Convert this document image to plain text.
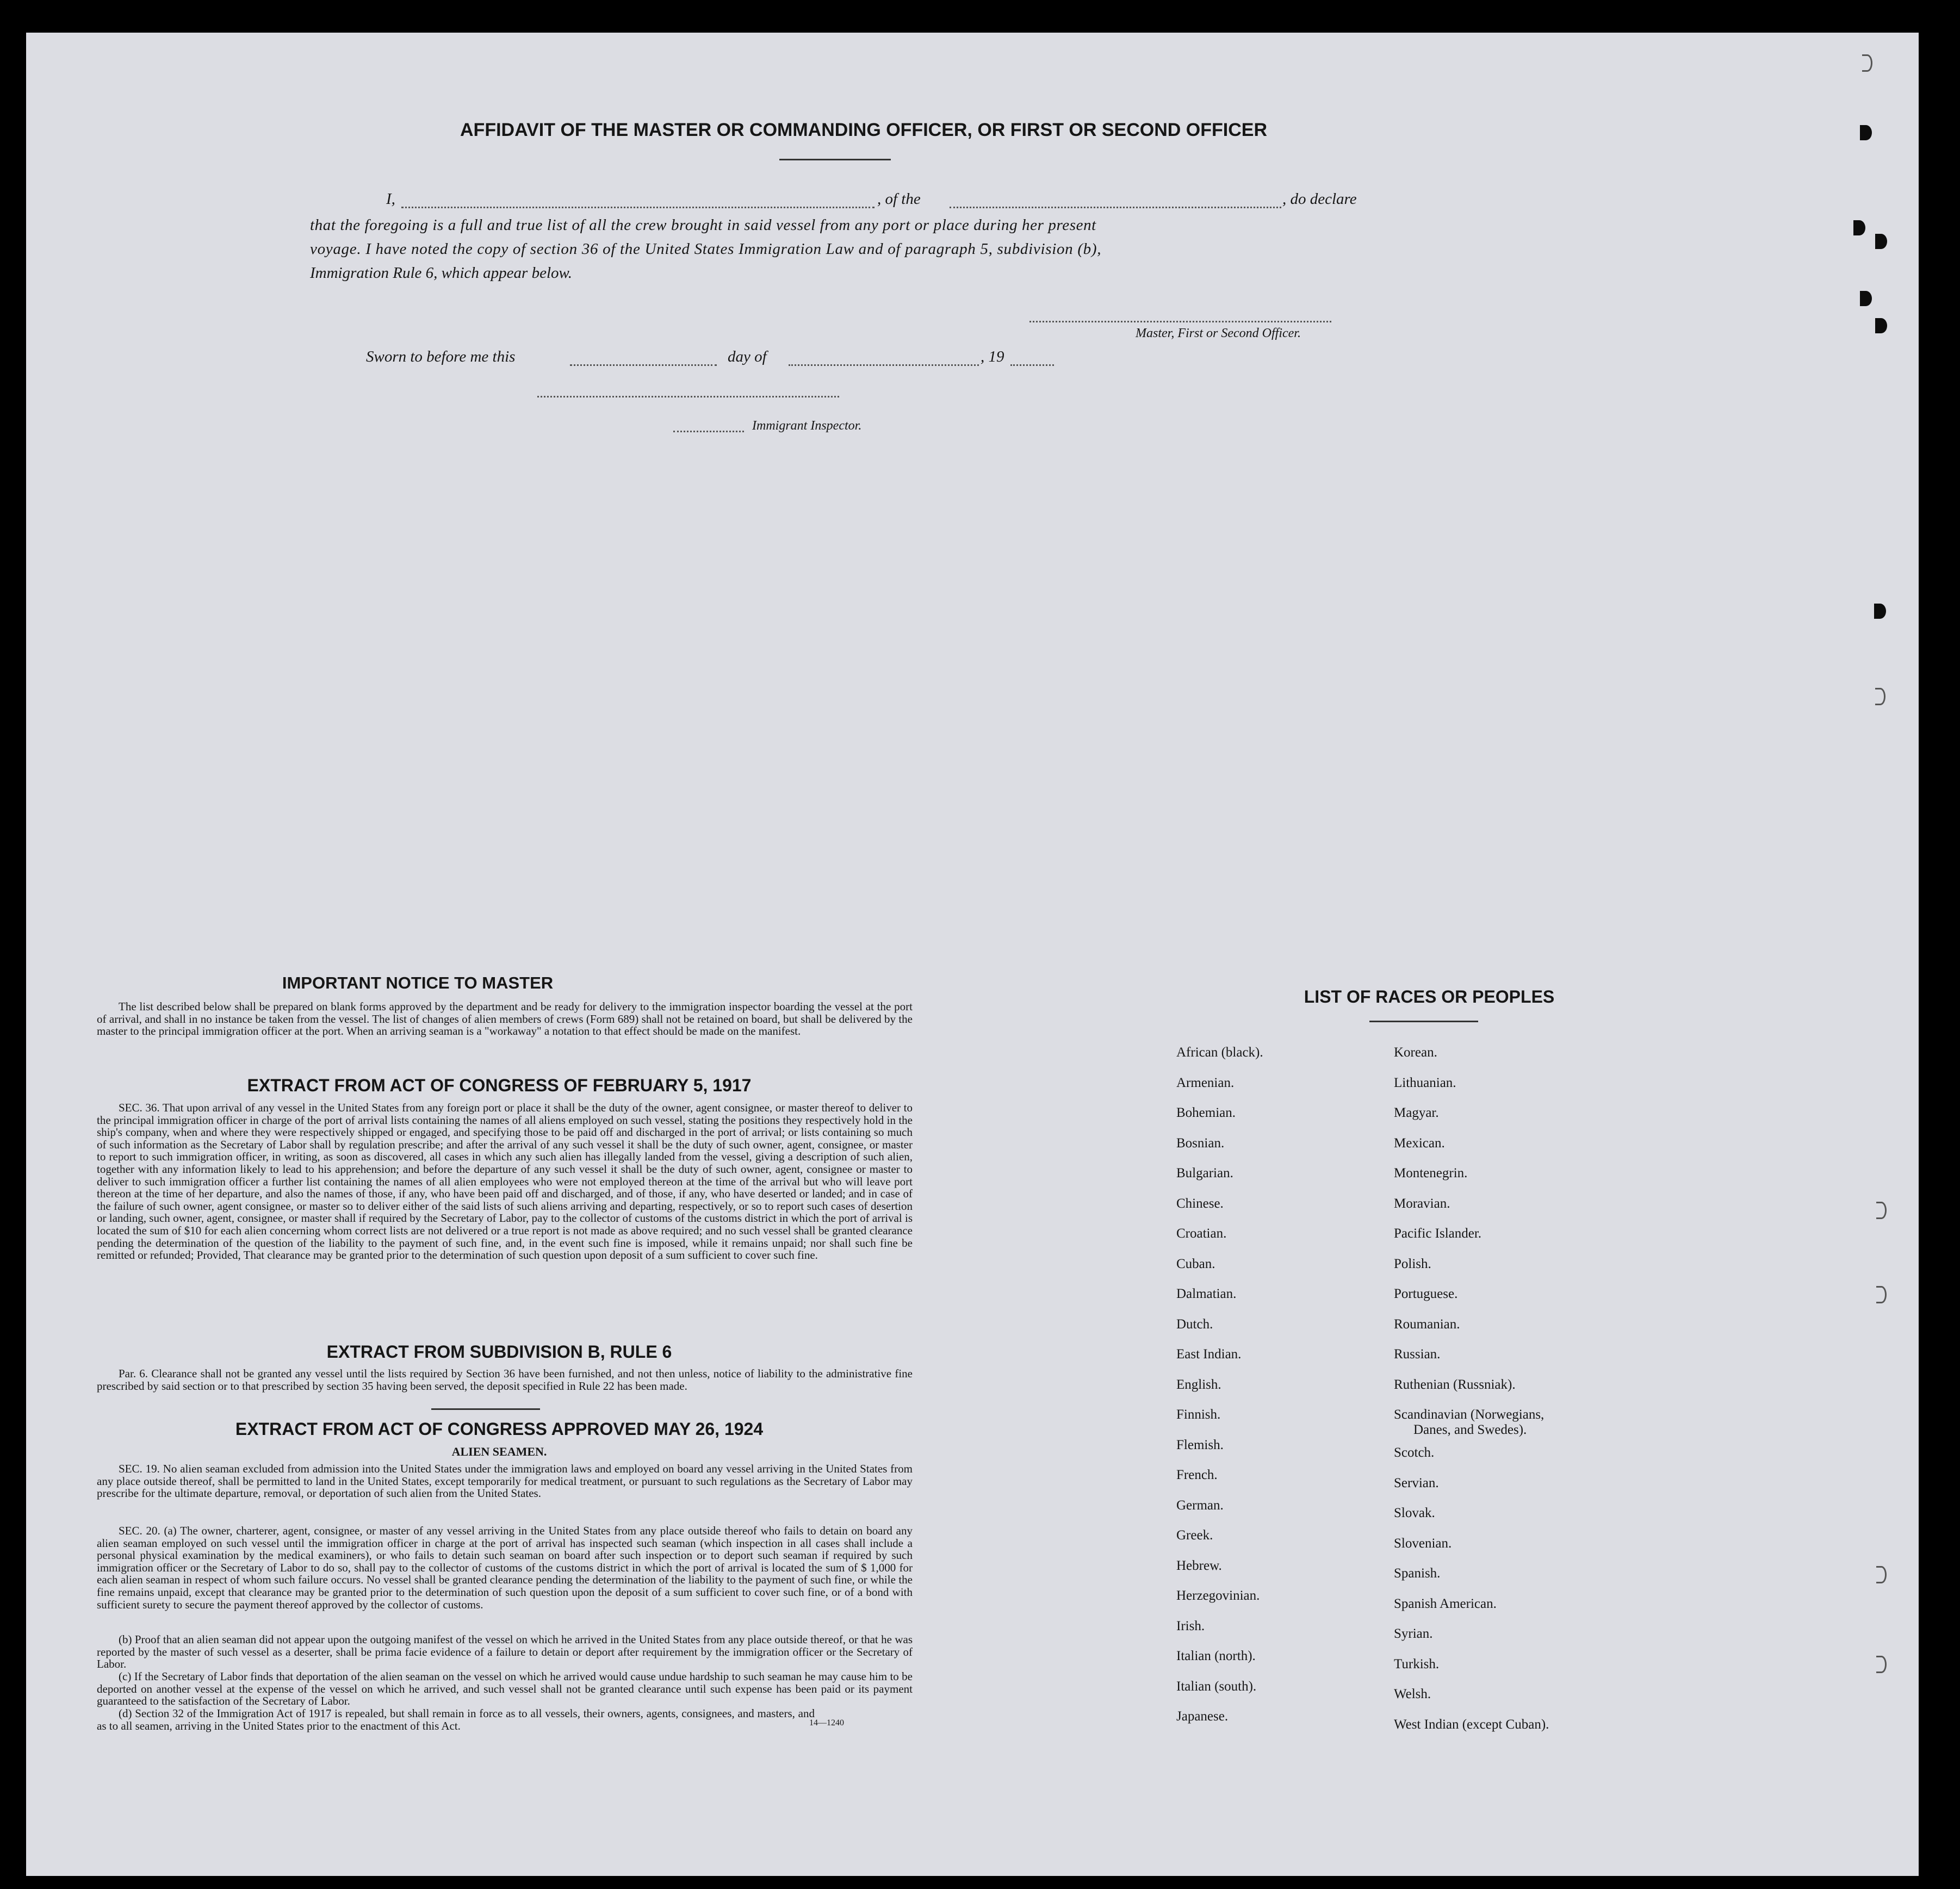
AFFIDAVIT OF THE MASTER OR COMMANDING OFFICER, OR FIRST OR SECOND OFFICER
I,	, of the	, do declare
that the foregoing is a full and true list of all the crew brought in said vessel from any port or place during her present
voyage. I have noted the copy of section 36 of the United States Immigration Law and of paragraph 5, subdivision (b),
Immigration Rule 6, which appear below.
Master, First or Second Officer.
Sworn to before me this	day of	, 19
Immigrant Inspector.
IMPORTANT NOTICE TO MASTER
The list described below shall be prepared on blank forms approved by the department and be ready for delivery to the immigration inspector boarding the vessel at the port of arrival, and shall in no instance be taken from the vessel. The list of changes of alien members of crews (Form 689) shall not be retained on board, but shall be delivered by the master to the principal immigration officer at the port. When an arriving seaman is a "workaway" a notation to that effect should be made on the manifest.
EXTRACT FROM ACT OF CONGRESS OF FEBRUARY 5, 1917
SEC. 36. That upon arrival of any vessel in the United States from any foreign port or place it shall be the duty of the owner, agent consignee, or master thereof to deliver to the principal immigration officer in charge of the port of arrival lists containing the names of all aliens employed on such vessel, stating the positions they respectively hold in the ship's company, when and where they were respectively shipped or engaged, and specifying those to be paid off and discharged in the port of arrival; or lists containing so much of such information as the Secretary of Labor shall by regulation prescribe; and after the arrival of any such vessel it shall be the duty of such owner, agent, consignee, or master to report to such immigration officer, in writing, as soon as discovered, all cases in which any such alien has illegally landed from the vessel, giving a description of such alien, together with any information likely to lead to his apprehension; and before the departure of any such vessel it shall be the duty of such owner, agent, consignee or master to deliver to such immigration officer a further list containing the names of all alien employees who were not employed thereon at the time of the arrival but who will leave port thereon at the time of her departure, and also the names of those, if any, who have been paid off and discharged, and of those, if any, who have deserted or landed; and in case of the failure of such owner, agent consignee, or master so to deliver either of the said lists of such aliens arriving and departing, respectively, or so to report such cases of desertion or landing, such owner, agent, consignee, or master shall if required by the Secretary of Labor, pay to the collector of customs of the customs district in which the port of arrival is located the sum of $10 for each alien concerning whom correct lists are not delivered or a true report is not made as above required; and no such vessel shall be granted clearance pending the determination of the question of the liability to the payment of such fine, and, in the event such fine is imposed, while it remains unpaid; nor shall such fine be remitted or refunded; Provided, That clearance may be granted prior to the determination of such question upon deposit of a sum sufficient to cover such fine.
EXTRACT FROM SUBDIVISION B, RULE 6
Par. 6. Clearance shall not be granted any vessel until the lists required by Section 36 have been furnished, and not then unless, notice of liability to the administrative fine prescribed by said section or to that prescribed by section 35 having been served, the deposit specified in Rule 22 has been made.
EXTRACT FROM ACT OF CONGRESS APPROVED MAY 26, 1924
ALIEN SEAMEN.
SEC. 19. No alien seaman excluded from admission into the United States under the immigration laws and employed on board any vessel arriving in the United States from any place outside thereof, shall be permitted to land in the United States, except temporarily for medical treatment, or pursuant to such regulations as the Secretary of Labor may prescribe for the ultimate departure, removal, or deportation of such alien from the United States.
SEC. 20. (a) The owner, charterer, agent, consignee, or master of any vessel arriving in the United States from any place outside thereof who fails to detain on board any alien seaman employed on such vessel until the immigration officer in charge at the port of arrival has inspected such seaman (which inspection in all cases shall include a personal physical examination by the medical examiners), or who fails to detain such seaman on board after such inspection or to deport such seaman if required by such immigration officer or the Secretary of Labor to do so, shall pay to the collector of customs of the customs district in which the port of arrival is located the sum of $ 1,000 for each alien seaman in respect of whom such failure occurs. No vessel shall be granted clearance pending the determination of the liability to the payment of such fine, or while the fine remains unpaid, except that clearance may be granted prior to the determination of such question upon the deposit of a sum sufficient to cover such fine, or of a bond with sufficient surety to secure the payment thereof approved by the collector of customs.
(b) Proof that an alien seaman did not appear upon the outgoing manifest of the vessel on which he arrived in the United States from any place outside thereof, or that he was reported by the master of such vessel as a deserter, shall be prima facie evidence of a failure to detain or deport after requirement by the immigration officer or the Secretary of Labor.
(c) If the Secretary of Labor finds that deportation of the alien seaman on the vessel on which he arrived would cause undue hardship to such seaman he may cause him to be deported on another vessel at the expense of the vessel on which he arrived, and such vessel shall not be granted clearance until such expense has been paid or its payment guaranteed to the satisfaction of the Secretary of Labor.
(d) Section 32 of the Immigration Act of 1917 is repealed, but shall remain in force as to all vessels, their owners, agents, consignees, and masters, and as to all seamen, arriving in the United States prior to the enactment of this Act.	14—1240
LIST OF RACES OR PEOPLES
African (black).
Armenian.
Bohemian.
Bosnian.
Bulgarian.
Chinese.
Croatian.
Cuban.
Dalmatian.
Dutch.
East Indian.
English.
Finnish.
Flemish.
French.
German.
Greek.
Hebrew.
Herzegovinian.
Irish.
Italian (north).
Italian (south).
Japanese.
Korean.
Lithuanian.
Magyar.
Mexican.
Montenegrin.
Moravian.
Pacific Islander.
Polish.
Portuguese.
Roumanian.
Russian.
Ruthenian (Russniak).
Scandinavian (Norwegians,
Danes, and Swedes).
Scotch.
Servian.
Slovak.
Slovenian.
Spanish.
Spanish American.
Syrian.
Turkish.
Welsh.
West Indian (except Cuban).
